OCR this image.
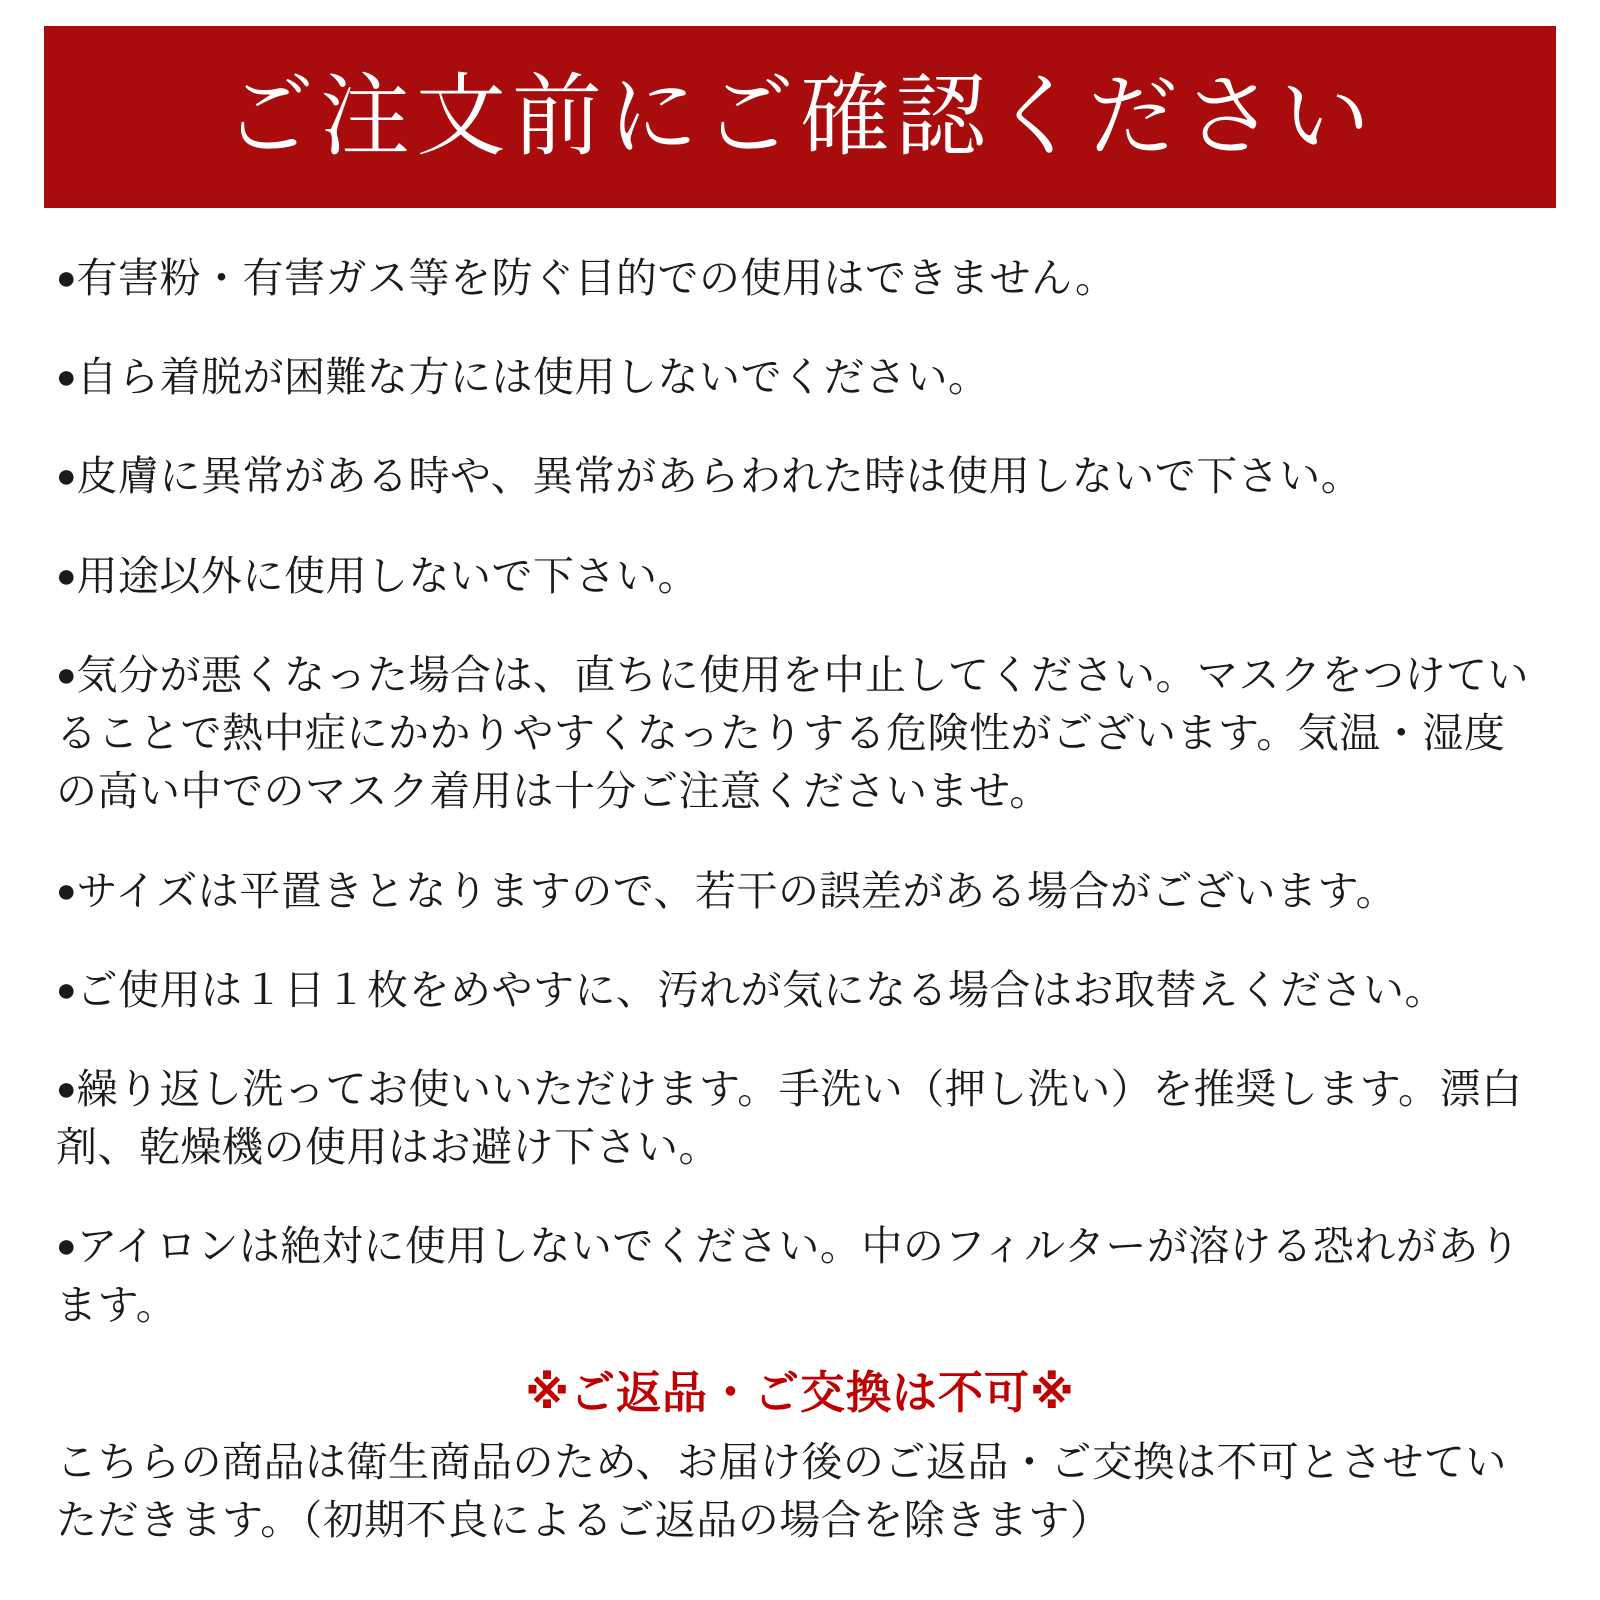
ご注文前にご確認ください

●有害粉・有害ガス等を防ぐ目的での使用はできません。

●自ら着脱が困難な方には使用しないでください。

●皮膚に異常がある時や、異常があらわれた時は使用しないで下さい。

●用途以外に使用しないで下さい。

●気分が悪くなった場合は、直ちに使用を中止してください。マスクをつけていることで熱中症にかかりやすくなったりする危険性がございます。気温・湿度の高い中でのマスク着用は十分ご注意くださいませ。

●サイズは平置きとなりますので、若干の誤差がある場合がございます。

●ご使用は１日１枚をめやすに、汚れが気になる場合はお取替えください。

●繰り返し洗ってお使いいただけます。手洗い（押し洗い）を推奨します。漂白剤、乾燥機の使用はお避け下さい。

●アイロンは絶対に使用しないでください。中のフィルターが溶ける恐れがあります。

※ご返品・ご交換は不可※
こちらの商品は衛生商品のため、お届け後のご返品・ご交換は不可とさせていただきます。（初期不良によるご返品の場合を除きます）
